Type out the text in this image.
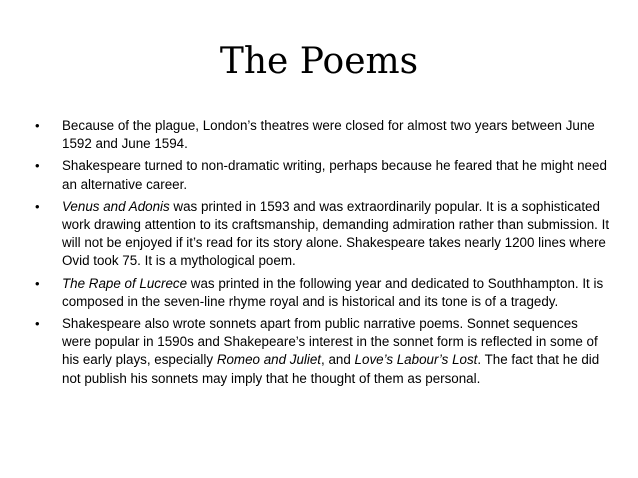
The Poems
• Because of the plague, London’s theatres were closed for almost two years between June 1592 and June 1594.
• Shakespeare turned to non-dramatic writing, perhaps because he feared that he might need an alternative career.
• Venus and Adonis was printed in 1593 and was extraordinarily popular. It is a sophisticated work drawing attention to its craftsmanship, demanding admiration rather than submission. It will not be enjoyed if it’s read for its story alone. Shakespeare takes nearly 1200 lines where Ovid took 75. It is a mythological poem.
• The Rape of Lucrece was printed in the following year and dedicated to Southhampton. It is composed in the seven-line rhyme royal and is historical and its tone is of a tragedy.
• Shakespeare also wrote sonnets apart from public narrative poems. Sonnet sequences were popular in 1590s and Shakepeare’s interest in the sonnet form is reflected in some of his early plays, especially Romeo and Juliet, and Love’s Labour’s Lost. The fact that he did not publish his sonnets may imply that he thought of them as personal.
